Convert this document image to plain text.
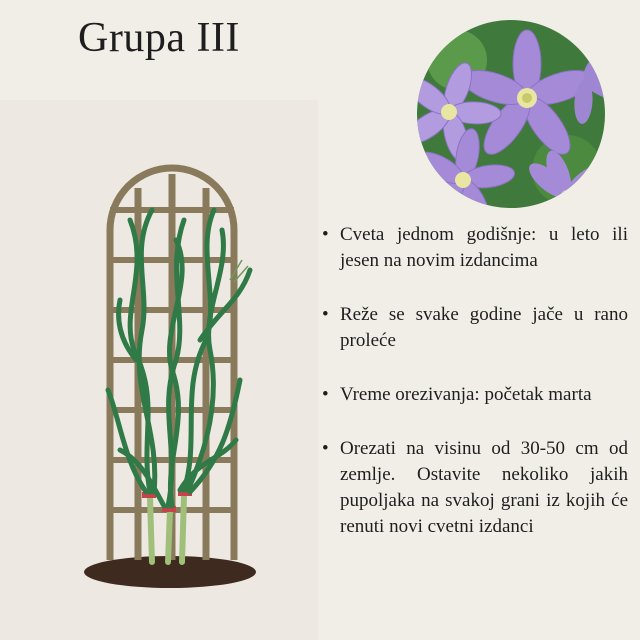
Grupa III
• Cveta jednom godišnje: u leto ili jesen na novim izdancima
• Reže se svake godine jače u rano proleće
• Vreme orezivanja: početak marta
• Orezati na visinu od 30-50 cm od zemlje. Ostavite nekoliko jakih pupoljaka na svakoj grani iz kojih će renuti novi cvetni izdanci
